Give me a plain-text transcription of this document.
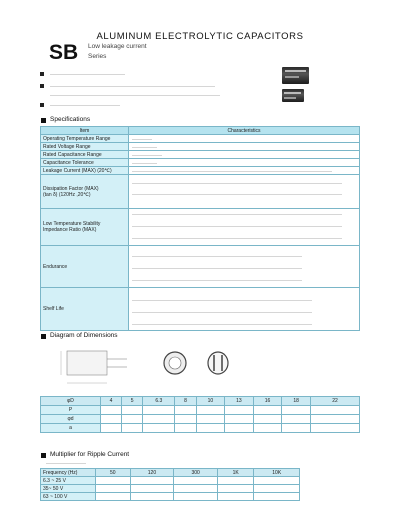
ALUMINUM ELECTROLYTIC CAPACITORS
SB Low leakage current
Series
Specifications
Item	Characteristics
Operating Temperature Range	
Rated Voltage Range	
Rated Capacitance Range	
Capacitance Tolerance	
Leakage Current (MAX) (20℃)	

Dissipation Factor (MAX)
(tan δ) (120Hz ,20℃)	

Low Temperature Stability
Impedance Ratio (MAX)	

Endurance	
Shelf Life	
Diagram of Dimensions
φD	4	5	6.3	8	10	13	16	18	22
P									
φd									
a									
Multiplier for Ripple Current
Frequency (Hz)	50	120	300	1K	10K
6.3 ~ 25 V					
35~ 50 V					
63 ~ 100 V					
